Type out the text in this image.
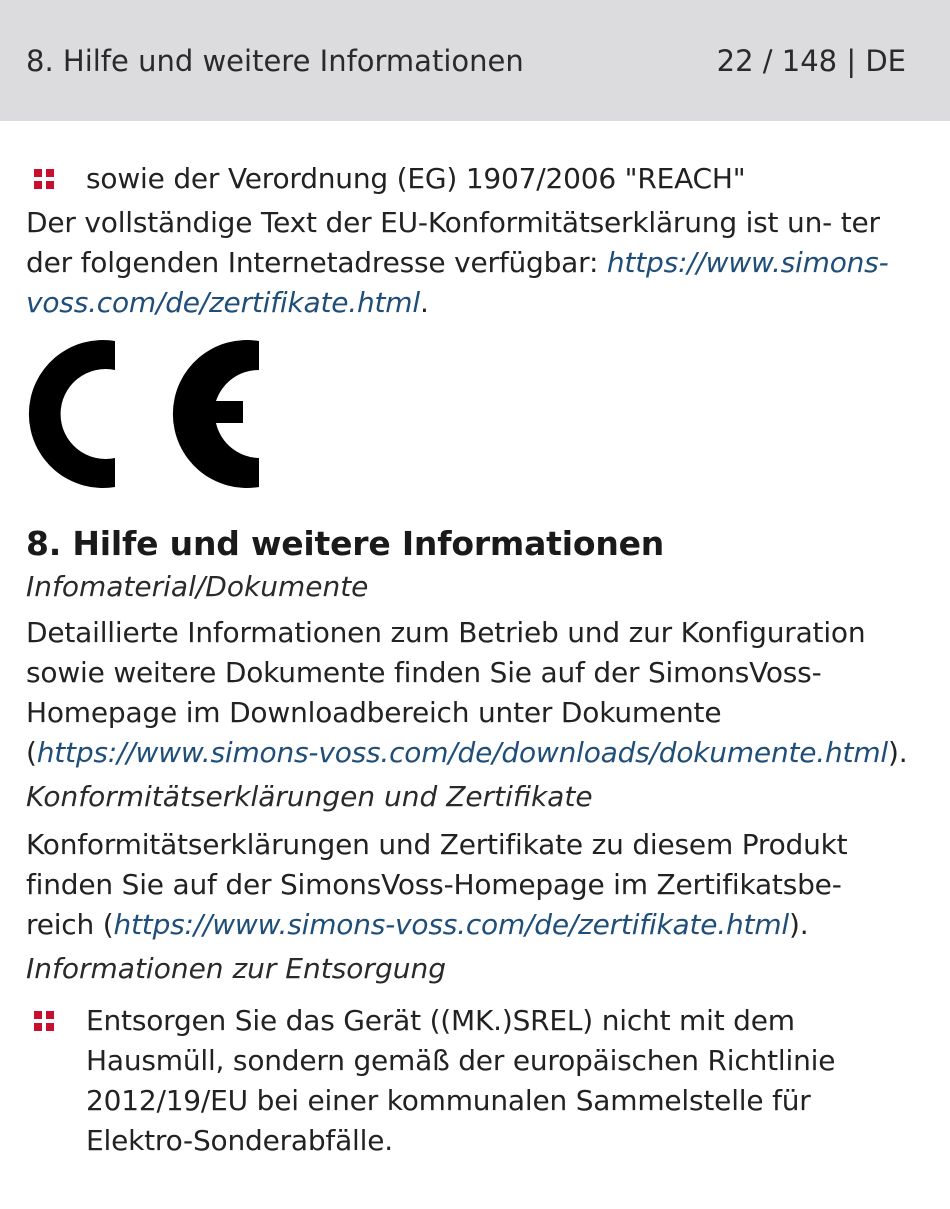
8. Hilfe und weitere Informationen	22 / 148 | DE
sowie der Verordnung (EG) 1907/2006 "REACH"
Der vollständige Text der EU-Konformitätserklärung ist un- ter der folgenden Internetadresse verfügbar: https://www.simons-voss.com/de/zertifikate.html.
8. Hilfe und weitere Informationen
Infomaterial/Dokumente
Detaillierte Informationen zum Betrieb und zur Konfiguration sowie weitere Dokumente finden Sie auf der SimonsVoss- Homepage im Downloadbereich unter Dokumente (https://www.simons-voss.com/de/downloads/dokumente.html).
Konformitätserklärungen und Zertifikate
Konformitätserklärungen und Zertifikate zu diesem Produkt finden Sie auf der SimonsVoss-Homepage im Zertifikatsbe- reich (https://www.simons-voss.com/de/zertifikate.html).
Informationen zur Entsorgung
Entsorgen Sie das Gerät ((MK.)SREL) nicht mit dem Hausmüll, sondern gemäß der europäischen Richtlinie 2012/19/EU bei einer kommunalen Sammelstelle für Elektro-Sonderabfälle.
